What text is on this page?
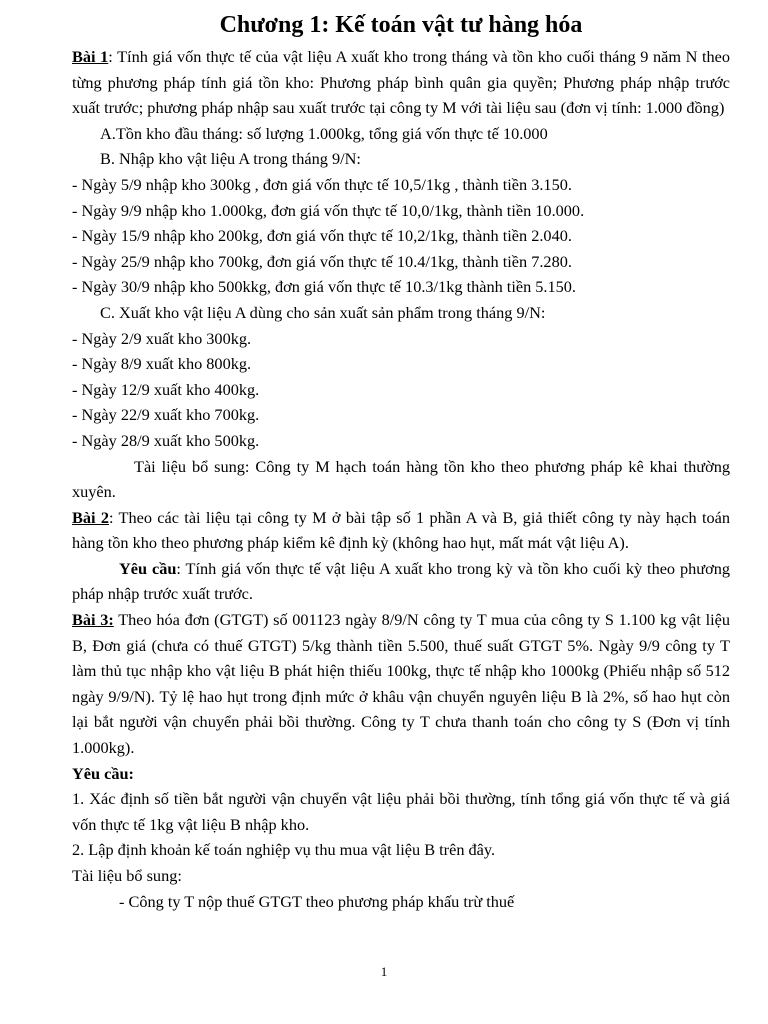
Chương 1: Kế toán vật tư hàng hóa

Bài 1: Tính giá vốn thực tế của vật liệu A xuất kho trong tháng và tồn kho cuối tháng 9 năm N theo từng phương pháp tính giá tồn kho: Phương pháp bình quân gia quyền; Phương pháp nhập trước xuất trước; phương pháp nhập sau xuất trước tại công ty M với tài liệu sau (đơn vị tính: 1.000 đồng)

A.Tồn kho đầu tháng: số lượng 1.000kg, tổng giá vốn thực tế 10.000

B. Nhập kho vật liệu A trong tháng 9/N:

- Ngày 5/9 nhập kho 300kg , đơn giá vốn thực tế 10,5/1kg , thành tiền 3.150.
- Ngày 9/9 nhập kho 1.000kg, đơn giá vốn thực tế 10,0/1kg, thành tiền 10.000.
- Ngày 15/9 nhập kho 200kg, đơn giá vốn thực tế 10,2/1kg, thành tiền 2.040.
- Ngày 25/9 nhập kho 700kg, đơn giá vốn thực tế 10.4/1kg, thành tiền 7.280.
- Ngày 30/9 nhập kho 500kkg, đơn giá vốn thực tế 10.3/1kg thành tiền 5.150.

C. Xuất kho vật liệu A dùng cho sản xuất sản phẩm trong tháng 9/N:

- Ngày 2/9 xuất kho 300kg.
- Ngày 8/9 xuất kho 800kg.
- Ngày 12/9 xuất kho 400kg.
- Ngày 22/9 xuất kho 700kg.
- Ngày 28/9 xuất kho 500kg.

Tài liệu bổ sung: Công ty M hạch toán hàng tồn kho theo phương pháp kê khai thường xuyên.

Bài 2: Theo các tài liệu tại công ty M ở bài tập số 1 phần A và B, giả thiết công ty này hạch toán hàng tồn kho theo phương pháp kiểm kê định kỳ (không hao hụt, mất mát vật liệu A).

Yêu cầu: Tính giá vốn thực tế vật liệu A xuất kho trong kỳ và tồn kho cuối kỳ theo phương pháp nhập trước xuất trước.

Bài 3: Theo hóa đơn (GTGT) số 001123 ngày 8/9/N công ty T mua của công ty S 1.100 kg vật liệu B, Đơn giá (chưa có thuế GTGT) 5/kg thành tiền 5.500, thuế suất GTGT 5%. Ngày 9/9 công ty T làm thủ tục nhập kho vật liệu B phát hiện thiếu 100kg, thực tế nhập kho 1000kg (Phiếu nhập số 512 ngày 9/9/N). Tỷ lệ hao hụt trong định mức ở khâu vận chuyển nguyên liệu B là 2%, số hao hụt còn lại bắt người vận chuyển phải bồi thường. Công ty T chưa thanh toán cho công ty S (Đơn vị tính 1.000kg).

Yêu cầu:

1. Xác định số tiền bắt người vận chuyển vật liệu phải bồi thường, tính tổng giá vốn thực tế và giá vốn thực tế 1kg vật liệu B nhập kho.

2. Lập định khoản kế toán nghiệp vụ thu mua vật liệu B trên đây.

Tài liệu bổ sung:

- Công ty T nộp thuế GTGT theo phương pháp khấu trừ thuế

1
